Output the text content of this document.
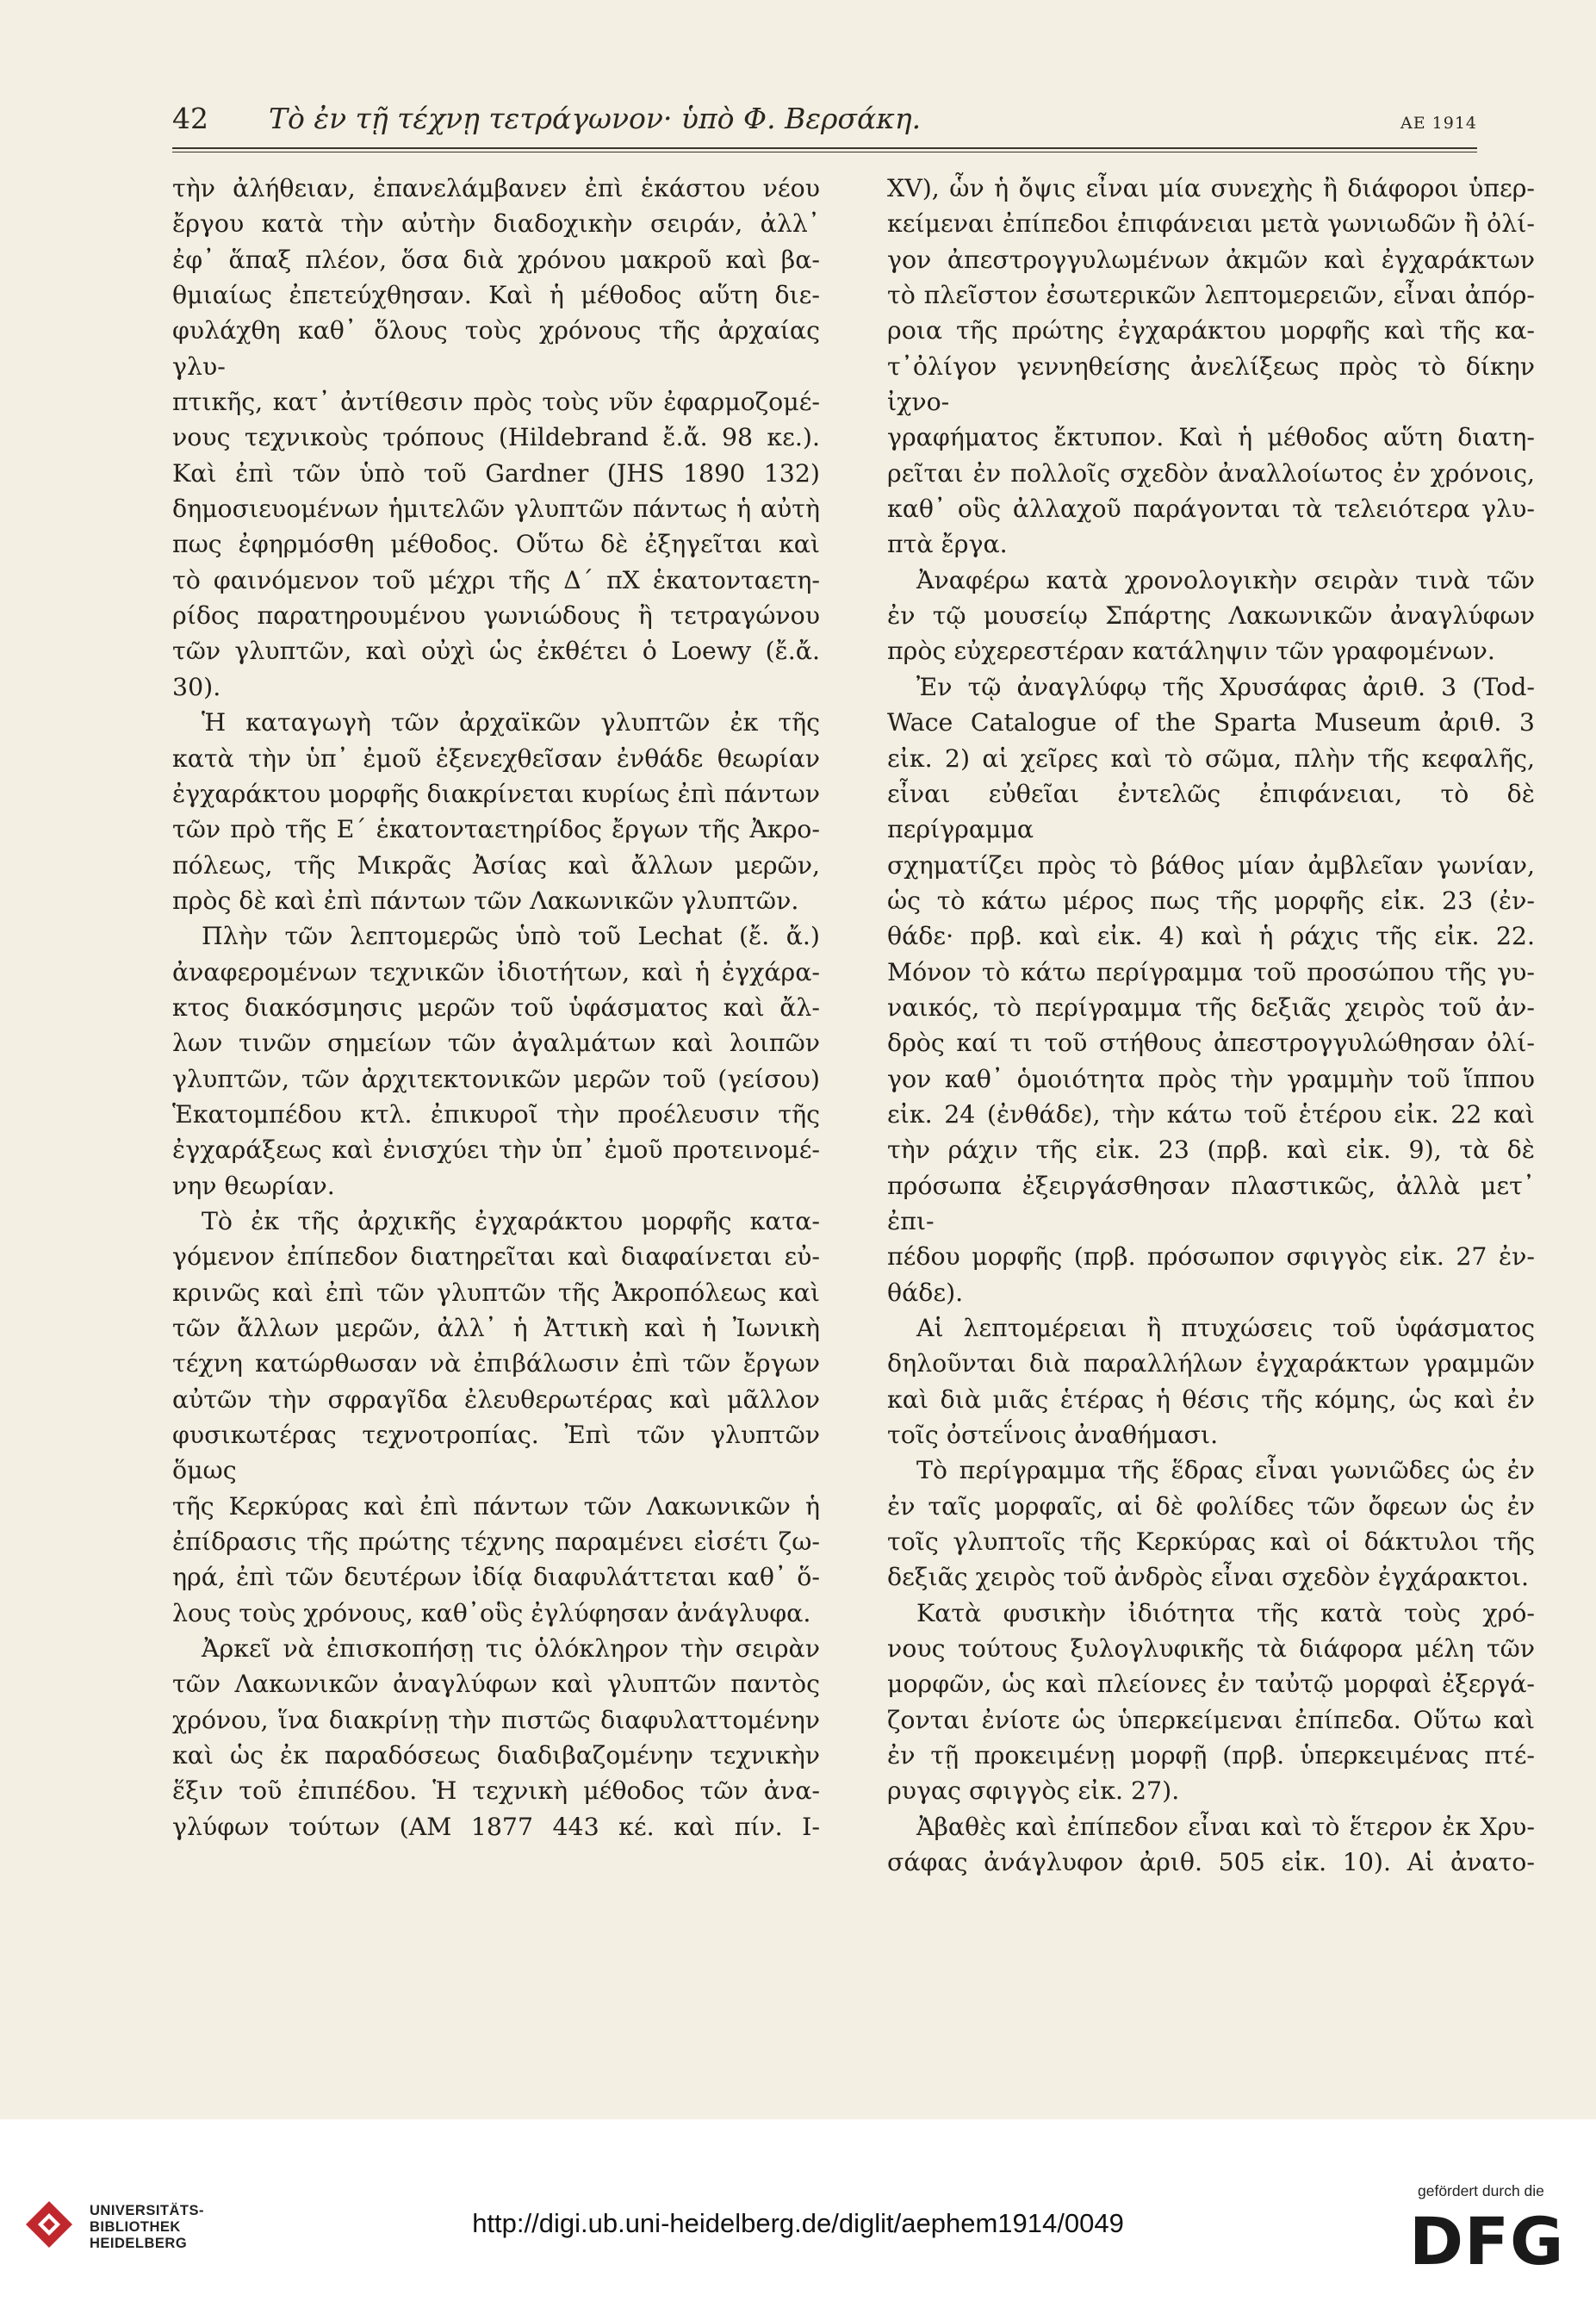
42 Τὸ ἐν τῇ τέχνῃ τετράγωνον· ὑπὸ Φ. Βερσάκη.	ΑΕ 1914

τὴν ἀλήθειαν, ἐπανελάμβανεν ἐπὶ ἑκάστου νέου

ἔργου κατὰ τὴν αὐτὴν διαδοχικὴν σειράν, ἀλλ᾽

ἐφ᾽ ἅπαξ πλέον, ὅσα διὰ χρόνου μακροῦ καὶ βα-

θμιαίως ἐπετεύχθησαν. Καὶ ἡ μέθοδος αὕτη διε-

φυλάχθη καθ᾽ ὅλους τοὺς χρόνους τῆς ἀρχαίας γλυ-

πτικῆς, κατ᾽ ἀντίθεσιν πρὸς τοὺς νῦν ἐφαρμοζομέ-

νους τεχνικοὺς τρόπους (Hildebrand ἔ.ἄ. 98 κε.).

Καὶ ἐπὶ τῶν ὑπὸ τοῦ Gardner (JHS 1890 132)

δημοσιευομένων ἡμιτελῶν γλυπτῶν πάντως ἡ αὐτὴ

πως ἐφηρμόσθη μέθοδος. Οὕτω δὲ ἐξηγεῖται καὶ

τὸ φαινόμενον τοῦ μέχρι τῆς Δ´ πΧ ἑκατονταετη-

ρίδος παρατηρουμένου γωνιώδους ἢ τετραγώνου

τῶν γλυπτῶν, καὶ οὐχὶ ὡς ἐκθέτει ὁ Loewy (ἔ.ἄ.

30).

Ἡ καταγωγὴ τῶν ἀρχαϊκῶν γλυπτῶν ἐκ τῆς

κατὰ τὴν ὑπ᾽ ἐμοῦ ἐξενεχθεῖσαν ἐνθάδε θεωρίαν

ἐγχαράκτου μορφῆς διακρίνεται κυρίως ἐπὶ πάντων

τῶν πρὸ τῆς Ε´ ἑκατονταετηρίδος ἔργων τῆς Ἀκρο-

πόλεως, τῆς Μικρᾶς Ἀσίας καὶ ἄλλων μερῶν,

πρὸς δὲ καὶ ἐπὶ πάντων τῶν Λακωνικῶν γλυπτῶν.

Πλὴν τῶν λεπτομερῶς ὑπὸ τοῦ Lechat (ἔ. ἄ.)

ἀναφερομένων τεχνικῶν ἰδιοτήτων, καὶ ἡ ἐγχάρα-

κτος διακόσμησις μερῶν τοῦ ὑφάσματος καὶ ἄλ-

λων τινῶν σημείων τῶν ἀγαλμάτων καὶ λοιπῶν

γλυπτῶν, τῶν ἀρχιτεκτονικῶν μερῶν τοῦ (γείσου)

Ἑκατομπέδου κτλ. ἐπικυροῖ τὴν προέλευσιν τῆς

ἐγχαράξεως καὶ ἐνισχύει τὴν ὑπ᾽ ἐμοῦ προτεινομέ-

νην θεωρίαν.

Τὸ ἐκ τῆς ἀρχικῆς ἐγχαράκτου μορφῆς κατα-

γόμενον ἐπίπεδον διατηρεῖται καὶ διαφαίνεται εὐ-

κρινῶς καὶ ἐπὶ τῶν γλυπτῶν τῆς Ἀκροπόλεως καὶ

τῶν ἄλλων μερῶν, ἀλλ᾽ ἡ Ἀττικὴ καὶ ἡ Ἰωνικὴ

τέχνη κατώρθωσαν νὰ ἐπιβάλωσιν ἐπὶ τῶν ἔργων

αὐτῶν τὴν σφραγῖδα ἐλευθερωτέρας καὶ μᾶλλον

φυσικωτέρας τεχνοτροπίας. Ἐπὶ τῶν γλυπτῶν ὅμως

τῆς Κερκύρας καὶ ἐπὶ πάντων τῶν Λακωνικῶν ἡ

ἐπίδρασις τῆς πρώτης τέχνης παραμένει εἰσέτι ζω-

ηρά, ἐπὶ τῶν δευτέρων ἰδίᾳ διαφυλάττεται καθ᾽ ὅ-

λους τοὺς χρόνους, καθ᾽οὓς ἐγλύφησαν ἀνάγλυφα.

Ἀρκεῖ νὰ ἐπισκοπήσῃ τις ὁλόκληρον τὴν σειρὰν

τῶν Λακωνικῶν ἀναγλύφων καὶ γλυπτῶν παντὸς

χρόνου, ἵνα διακρίνῃ τὴν πιστῶς διαφυλαττομένην

καὶ ὡς ἐκ παραδόσεως διαδιβαζομένην τεχνικὴν

ἕξιν τοῦ ἐπιπέδου. Ἡ τεχνικὴ μέθοδος τῶν ἀνα-

γλύφων τούτων (ΑΜ 1877 443 κέ. καὶ πίν. Ι-

XV), ὧν ἡ ὄψις εἶναι μία συνεχὴς ἢ διάφοροι ὑπερ-

κείμεναι ἐπίπεδοι ἐπιφάνειαι μετὰ γωνιωδῶν ἢ ὀλί-

γον ἀπεστρογγυλωμένων ἀκμῶν καὶ ἐγχαράκτων

τὸ πλεῖστον ἐσωτερικῶν λεπτομερειῶν, εἶναι ἀπόρ-

ροια τῆς πρώτης ἐγχαράκτου μορφῆς καὶ τῆς κα-

τ᾽ὀλίγον γεννηθείσης ἀνελίξεως πρὸς τὸ δίκην ἰχνο-

γραφήματος ἔκτυπον. Καὶ ἡ μέθοδος αὕτη διατη-

ρεῖται ἐν πολλοῖς σχεδὸν ἀναλλοίωτος ἐν χρόνοις,

καθ᾽ οὓς ἀλλαχοῦ παράγονται τὰ τελειότερα γλυ-

πτὰ ἔργα.

Ἀναφέρω κατὰ χρονολογικὴν σειρὰν τινὰ τῶν

ἐν τῷ μουσείῳ Σπάρτης Λακωνικῶν ἀναγλύφων

πρὸς εὐχερεστέραν κατάληψιν τῶν γραφομένων.

Ἐν τῷ ἀναγλύφῳ τῆς Χρυσάφας ἀριθ. 3 (Tod-

Wace Catalogue of the Sparta Museum ἀριθ. 3

εἰκ. 2) αἱ χεῖρες καὶ τὸ σῶμα, πλὴν τῆς κεφαλῆς,

εἶναι εὐθεῖαι ἐντελῶς ἐπιφάνειαι, τὸ δὲ περίγραμμα

σχηματίζει πρὸς τὸ βάθος μίαν ἀμβλεῖαν γωνίαν,

ὡς τὸ κάτω μέρος πως τῆς μορφῆς εἰκ. 23 (ἐν-

θάδε· πρβ. καὶ εἰκ. 4) καὶ ἡ ράχις τῆς εἰκ. 22.

Μόνον τὸ κάτω περίγραμμα τοῦ προσώπου τῆς γυ-

ναικός, τὸ περίγραμμα τῆς δεξιᾶς χειρὸς τοῦ ἀν-

δρὸς καί τι τοῦ στήθους ἀπεστρογγυλώθησαν ὀλί-

γον καθ᾽ ὁμοιότητα πρὸς τὴν γραμμὴν τοῦ ἵππου

εἰκ. 24 (ἐνθάδε), τὴν κάτω τοῦ ἑτέρου εἰκ. 22 καὶ

τὴν ράχιν τῆς εἰκ. 23 (πρβ. καὶ εἰκ. 9), τὰ δὲ

πρόσωπα ἐξειργάσθησαν πλαστικῶς, ἀλλὰ μετ᾽ ἐπι-

πέδου μορφῆς (πρβ. πρόσωπον σφιγγὸς εἰκ. 27 ἐν-

θάδε).

Αἱ λεπτομέρειαι ἢ πτυχώσεις τοῦ ὑφάσματος

δηλοῦνται διὰ παραλλήλων ἐγχαράκτων γραμμῶν

καὶ διὰ μιᾶς ἑτέρας ἡ θέσις τῆς κόμης, ὡς καὶ ἐν

τοῖς ὀστεΐνοις ἀναθήμασι.

Τὸ περίγραμμα τῆς ἕδρας εἶναι γωνιῶδες ὡς ἐν

ἐν ταῖς μορφαῖς, αἱ δὲ φολίδες τῶν ὄφεων ὡς ἐν

τοῖς γλυπτοῖς τῆς Κερκύρας καὶ οἱ δάκτυλοι τῆς

δεξιᾶς χειρὸς τοῦ ἀνδρὸς εἶναι σχεδὸν ἐγχάρακτοι.

Κατὰ φυσικὴν ἰδιότητα τῆς κατὰ τοὺς χρό-

νους τούτους ξυλογλυφικῆς τὰ διάφορα μέλη τῶν

μορφῶν, ὡς καὶ πλείονες ἐν ταὐτῷ μορφαὶ ἐξεργά-

ζονται ἐνίοτε ὡς ὑπερκείμεναι ἐπίπεδα. Οὕτω καὶ

ἐν τῇ προκειμένῃ μορφῇ (πρβ. ὑπερκειμένας πτέ-

ρυγας σφιγγὸς εἰκ. 27).

Ἀβαθὲς καὶ ἐπίπεδον εἶναι καὶ τὸ ἕτερον ἐκ Χρυ-

σάφας ἀνάγλυφον ἀριθ. 505 εἰκ. 10). Αἱ ἀνατο-

UNIVERSITÄTS-
BIBLIOTHEK
HEIDELBERG
http://digi.ub.uni-heidelberg.de/diglit/aephem1914/0049
gefördert durch die
DFG
